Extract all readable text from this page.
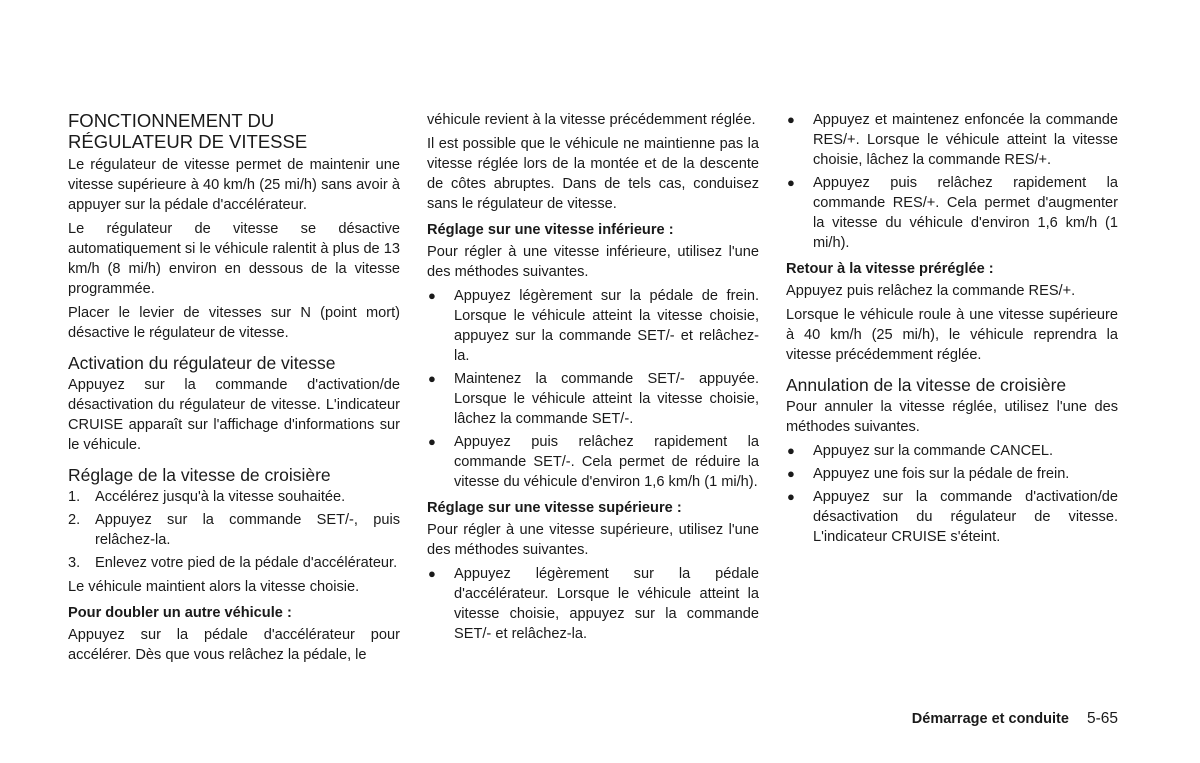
FONCTIONNEMENT DU RÉGULATEUR DE VITESSE

Le régulateur de vitesse permet de maintenir une vitesse supérieure à 40 km/h (25 mi/h) sans avoir à appuyer sur la pédale d'accélérateur.

Le régulateur de vitesse se désactive automatiquement si le véhicule ralentit à plus de 13 km/h (8 mi/h) environ en dessous de la vitesse programmée.

Placer le levier de vitesses sur N (point mort) désactive le régulateur de vitesse.

Activation du régulateur de vitesse

Appuyez sur la commande d'activation/de désactivation du régulateur de vitesse. L'indicateur CRUISE apparaît sur l'affichage d'informations sur le véhicule.

Réglage de la vitesse de croisière
1. Accélérez jusqu'à la vitesse souhaitée.
2. Appuyez sur la commande SET/-, puis relâchez-la.
3. Enlevez votre pied de la pédale d'accélérateur.

Le véhicule maintient alors la vitesse choisie.

Pour doubler un autre véhicule :

Appuyez sur la pédale d'accélérateur pour accélérer. Dès que vous relâchez la pédale, le

véhicule revient à la vitesse précédemment réglée.

Il est possible que le véhicule ne maintienne pas la vitesse réglée lors de la montée et de la descente de côtes abruptes. Dans de tels cas, conduisez sans le régulateur de vitesse.

Réglage sur une vitesse inférieure :

Pour régler à une vitesse inférieure, utilisez l'une des méthodes suivantes.

● Appuyez légèrement sur la pédale de frein. Lorsque le véhicule atteint la vitesse choisie, appuyez sur la commande SET/- et relâchez-la.
● Maintenez la commande SET/- appuyée. Lorsque le véhicule atteint la vitesse choisie, lâchez la commande SET/-.
● Appuyez puis relâchez rapidement la commande SET/-. Cela permet de réduire la vitesse du véhicule d'environ 1,6 km/h (1 mi/h).
Réglage sur une vitesse supérieure :

Pour régler à une vitesse supérieure, utilisez l'une des méthodes suivantes.

● Appuyez légèrement sur la pédale d'accélérateur. Lorsque le véhicule atteint la vitesse choisie, appuyez sur la commande SET/- et relâchez-la.
● Appuyez et maintenez enfoncée la commande RES/+. Lorsque le véhicule atteint la vitesse choisie, lâchez la commande RES/+.
● Appuyez puis relâchez rapidement la commande RES/+. Cela permet d'augmenter la vitesse du véhicule d'environ 1,6 km/h (1 mi/h).
Retour à la vitesse préréglée :

Appuyez puis relâchez la commande RES/+.

Lorsque le véhicule roule à une vitesse supérieure à 40 km/h (25 mi/h), le véhicule reprendra la vitesse précédemment réglée.

Annulation de la vitesse de croisière

Pour annuler la vitesse réglée, utilisez l'une des méthodes suivantes.

● Appuyez sur la commande CANCEL.
● Appuyez une fois sur la pédale de frein.
● Appuyez sur la commande d'activation/de désactivation du régulateur de vitesse. L'indicateur CRUISE s'éteint.
Démarrage et conduite 5-65
